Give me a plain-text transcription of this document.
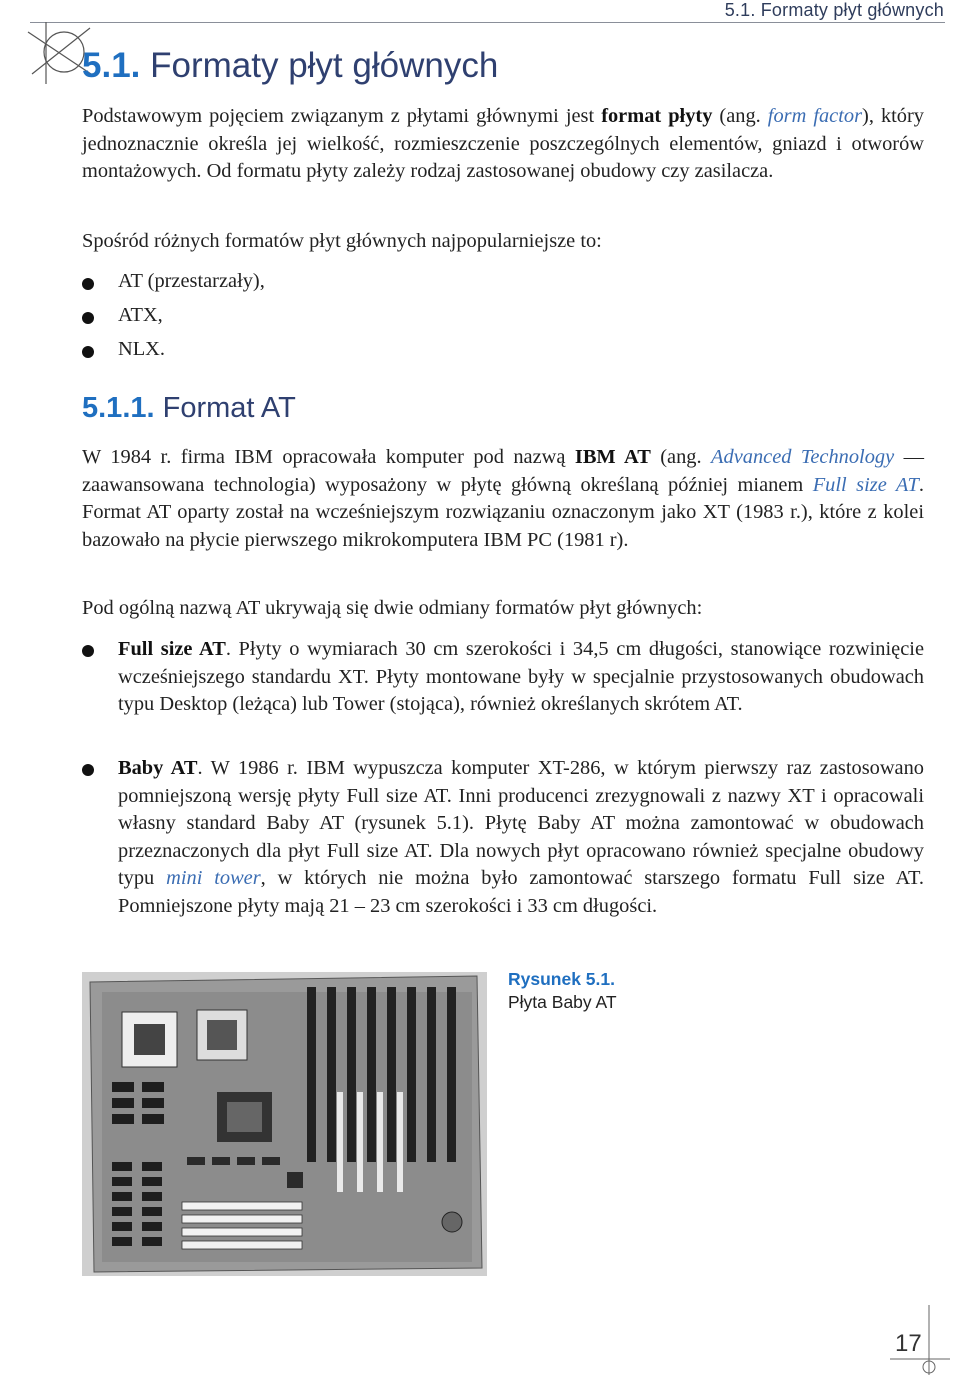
5.1. Formaty płyt głównych
5.1. Formaty płyt głównych

Podstawowym pojęciem związanym z płytami głównymi jest format płyty (ang. form factor), który jednoznacznie określa jej wielkość, rozmieszczenie poszczególnych elementów, gniazd i otworów montażowych. Od formatu płyty zależy rodzaj zastosowanej obudowy czy zasilacza.

Spośród różnych formatów płyt głównych najpopularniejsze to:

AT (przestarzały),

ATX,

NLX.

5.1.1. Format AT

W 1984 r. firma IBM opracowała komputer pod nazwą IBM AT (ang. Advanced Technology — zaawansowana technologia) wyposażony w płytę główną określaną później mianem Full size AT. Format AT oparty został na wcześniejszym rozwiązaniu oznaczonym jako XT (1983 r.), które z kolei bazowało na płycie pierwszego mikrokomputera IBM PC (1981 r).

Pod ogólną nazwą AT ukrywają się dwie odmiany formatów płyt głównych:

Full size AT. Płyty o wymiarach 30 cm szerokości i 34,5 cm długości, stanowiące rozwinięcie wcześniejszego standardu XT. Płyty montowane były w specjalnie przystosowanych obudowach typu Desktop (leżąca) lub Tower (stojąca), również określanych skrótem AT.

Baby AT. W 1986 r. IBM wypuszcza komputer XT-286, w którym pierwszy raz zastosowano pomniejszoną wersję płyty Full size AT. Inni producenci zrezygnowali z nazwy XT i opracowali własny standard Baby AT (rysunek 5.1). Płytę Baby AT można zamontować w obudowach przeznaczonych dla płyt Full size AT. Dla nowych płyt opracowano również specjalne obudowy typu mini tower, w których nie można było zamontować starszego formatu Full size AT. Pomniejszone płyty mają 21 – 23 cm szerokości i 33 cm długości.

Rysunek 5.1.

Płyta Baby AT

17
